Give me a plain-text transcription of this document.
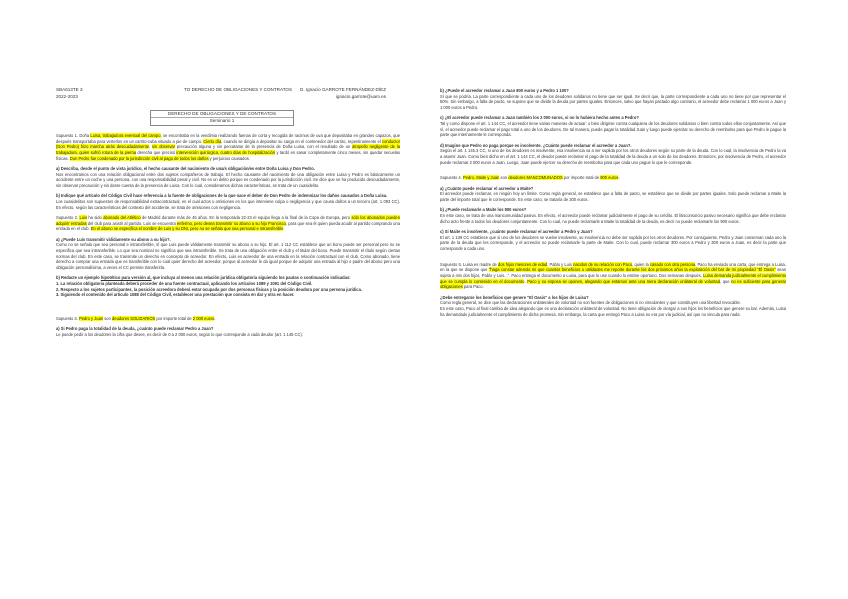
SBA613TE 3
2022-2023
TO DERECHO DE OBLIGACIONES Y CONTRATOS D. Ignacio GARROTE FERNÁNDEZ-DÍEZ
ignacio.garrote@uam.es
DERECHO DE OBLIGACIONES Y DE CONTRATOS
Seminario 1

Supuesto 1. Doña Luisa, trabajadora eventual del campo, se encontraba en la vendimia realizando faenas de corta y recogida de racimos de uva que depositaba en grandes capazos, que después transportaba para verterlos en un carrito-cuba situado a pie de campo. Cierto día, cuando se dirigía a depositar su carga en el contenedor del carrito, repentinamente el conductor (Don Pedro) hizo marcha atrás descuidadamente, sin observar precaución alguna y sin percatarse de la presencia de Doña Luisa, con el resultado de un atropello negligente de la trabajadora, quien sufrió rotura de la pierna derecha que precisó intervención quirúrgica, cuatro días de hospitalización y tardó en sanar completamente cinco meses, sin quedar secuelas físicas. Don Pedro fue condenado por la jurisdicción civil al pago de todos los daños y perjuicios causados.

a) Describa, desde el punto de vista jurídico, el hecho causante del nacimiento de una/s obligación/es entre Doña Luisa y Don Pedro.

Nos encontramos con una relación obligacional entre dos sujetos compañeros de trabajo. El hecho causante del nacimiento de una obligación entre Luisa y Pedro es básicamente un accidente entre un coche y una persona, con una responsabilidad penal y civil. No es un delito porque es condenado por la jurisdicción civil. Se dice que se ha producido descuidadamente, sin observar precaución y sin darse cuenta de la presencia de Luisa. Con lo cual, consideramos dichas características, se trata de un cuasidelito.

b) Indique qué artículo del Código Civil hace referencia a la fuente de obligaciones de la que nace el deber de Don Pedro de indemnizar los daños causados a Doña Luisa.

Los cuasidelitos son supuestos de responsabilidad extracontractual, en el cual actos u omisiones en los que interviene culpa o negligencia y que causa daños a un tercero (art. 1 093 CC). En efecto, según las características del contexto del accidente, se trata de omisiones con negligencia.

Supuesto 2. Luis ha sido abonado del Atlético de Madrid durante más de 45 años. En la temporada 22-23 el equipo llega a la final de la Copa de Europa, pero sólo los abonados pueden adquirir entradas del club para asistir al partido. Luis se encuentra enfermo, pero desea transmitir su abono a su hijo Francisco, para que sea él quien pueda acudir al partido comprando una entrada en el club. En el abono se especifica el nombre de Luis y su DNI, pero no se señala que sea personal e intransferible.

a) ¿Puede Luis transmitir válidamente su abono a su hijo?.

Como no se señala que sea personal e intransferible, sí que Luis puede válidamente transmitir su abono a su hijo. El art. 1 112 CC establece que un bono puede ser personal pero no se especifica que sea intransferible. Lo que sea nominal no significa que sea intransferible. Se trata de una obligación entre el club y el titular del bono. Puede transmitir el título según ciertas normas del club. En este caso, se transmite un derecho en concepto de acreedor. En efecto, Luis es acreedor de una entrada en la relación contractual con el club. Como abonado, tiene derecho a comprar una entrada que es transferible con lo cual quier derecho del acreedor, porque al acreedor le da igual porque de adquirir una entrada al hijo o padre del abono pero una obligación personalísima, a veces el CC permite transferirla.

b) Redacte un ejemplo hipotético para versión al, que incluya al menos una relación jurídica obligatoria siguiendo los pautas o continuación indicadas:

1. La relación obligatoria planteada deberá proceder de una fuente contractual, aplicando los artículos 1089 y 1091 del Código Civil.
2. Respecto a los sujetos participantes, la posición acreedora deberá estar ocupada por dos personas físicas y la posición deudora por una persona jurídica.
3. Siguiendo el contenido del artículo 1088 del Código Civil, establecer una prestación que consista en dar y otra en hacer.

Supuesto 3. Pedro y Juan son deudores SOLIDARIOS por importe total de 2 000 euros.

a) Si Pedro paga la totalidad de la deuda, ¿cuánto puede reclamar Pedro a Juan?

Le puede pedir a los deudores la cifra que desee, es decir de 0 a 2 000 euros, según lo que corresponde a cada deudor (art. 1 145 CC).

b) ¿Puede el acreedor reclamar a Juan 800 euros y a Pedro 1 100?

Sí que se podría. La parte correspondiente a cada uno de los deudores solidarios no tiene que ser igual. Se decir que, la parte correspondiente a cada uno no tiene por que representar el 50%. Sin embargo, a falta de pacto, se supone que se divide la deuda por partes iguales. Entonces, salvo que hayan pactado algo contrario, el acreedor debe reclamar 1 000 euros a Juan y 1 000 euros a Pedro.

c) ¿El acreedor puede reclamar a Juan también los 2 000 euros, si no lo hubiera hecho antes a Pedro?

Tal y como dispone el art. 1 144 CC, el acreedor tiene varias maneras de actuar: o bien dirigirse contra cualquiera de los deudores solidarios o bien contra todos ellos conjuntamente. Así que sí, el acreedor puede reclamar el pago total a uno de los deudores. De tal manera, puede pagar la totalidad Juan y luego puede ejercitar su derecho de reembolso para que Pedro le pague la parte que internamente le corresponda.

d) Imagine que Pedro no paga porque es insolvente. ¿Cuánto puede reclamar el acreedor a Juan?.

Según el art. 1 145.3 CC, si uno de los deudores es insolvente, esa insolvencia va a ser suplida por los otros deudores según su parte de la deuda. Con lo cual, la insolvencia de Pedro la va a asumir Juan. Como bien dicho en el art. 1 144 CC, el deudor puede reclamar el pago de la totalidad de la deuda a un solo de los deudores. Entonces, por insolvencia de Pedro, el acreedor puede reclamar 2 000 euros a Juan. Luego, Juan puede ejercer su derecho de reembolso para que cada uno pague lo que le corresponde.

Supuesto 4. Pedro, Maite y Juan son deudores MANCOMUNADOS por importe total de 900 euros.

a) ¿Cuánto puede reclamar el acreedor a Maite?

El acreedor puede reclamar, en ningún hoy un límite. Como regla general, se establece que a falta de pacto, se establece que se divide por partes iguales. Solo puede reclamar a Maite la parte del importe total que le corresponde. En este caso, se trataría de 300 euros.

b) ¿Puede reclamarle a Maite los 900 euros?

En este caso, se trata de una mancomunidad pasiva. En efecto, el acreedor puede reclamar judicialmente el pago de su crédito. El litisconsorcio pasivo necesario significa que debe reclamar dicho acto frente a todos los deudores conjuntamente. Con lo cual, no puede reclamarle a Maite la totalidad de la deuda, es decir no puede reclamarle los 900 euros.

c) Si Maite es insolvente, ¿cuánto puede reclamar el acreedor a Pedro y Juan?

El art. 1 139 CC establece que si uno de los deudores se vuelve insolvente, su insolvencia no debe ser suplida por los otros deudores. Por consiguiente, Pedro y Juan conservan cada uno la parte de la deuda que les corresponde, y el acreedor no puede reclamarle la parte de Maite. Con lo cual, puede reclamar 300 euros a Pedro y 300 euros a Juan, es decir la parte que corresponde a cada uno.

Supuesto 5. Luisa es madre de dos hijos menores de edad. Pablo y Luis nacidos de su relación con Paco, quien la casado con otra persona. Paco ha enviado una carta, que entrega a Luisa, en la que se dispone que "haga constar además mi que cuantos beneficios o utilidades me reporte durante los dos próximos años la explotación del bar de mi propiedad "El Oasis" sean sujeta a mis dos hijos, Pablo y Luis...". Paco entrega el documento a Luisa, para que lo use cuando lo estime oportuno. Dos semanas después, Luisa demanda judicialmente el cumplimiento que se cumpla lo contenido en el documento. Paco y su esposa se oponen, alegando que estamos ante una mera declaración unilateral de voluntad, que no es suficiente para generar obligaciones para Paco.

¿Debe entregarse los beneficios que genere "El Oasis" a los hijos de Luisa?

Como regla general, se dice que las declaraciones unilaterales de voluntad no son fuentes de obligaciones si no vinculantes y que constituyen una libertad revocable.

En este caso, Paco al final cambia de idea alegando que es una declaración unilateral de voluntad. No tiene obligación de otorgar a sus hijos los beneficios que genere su bar. Además, Luisa ha demandado judicialmente el cumplimiento de dicha promesa. Sin embargo, la carta que entregó Paco a Luisa no era por vía judicial, así que no vincula para nada.
